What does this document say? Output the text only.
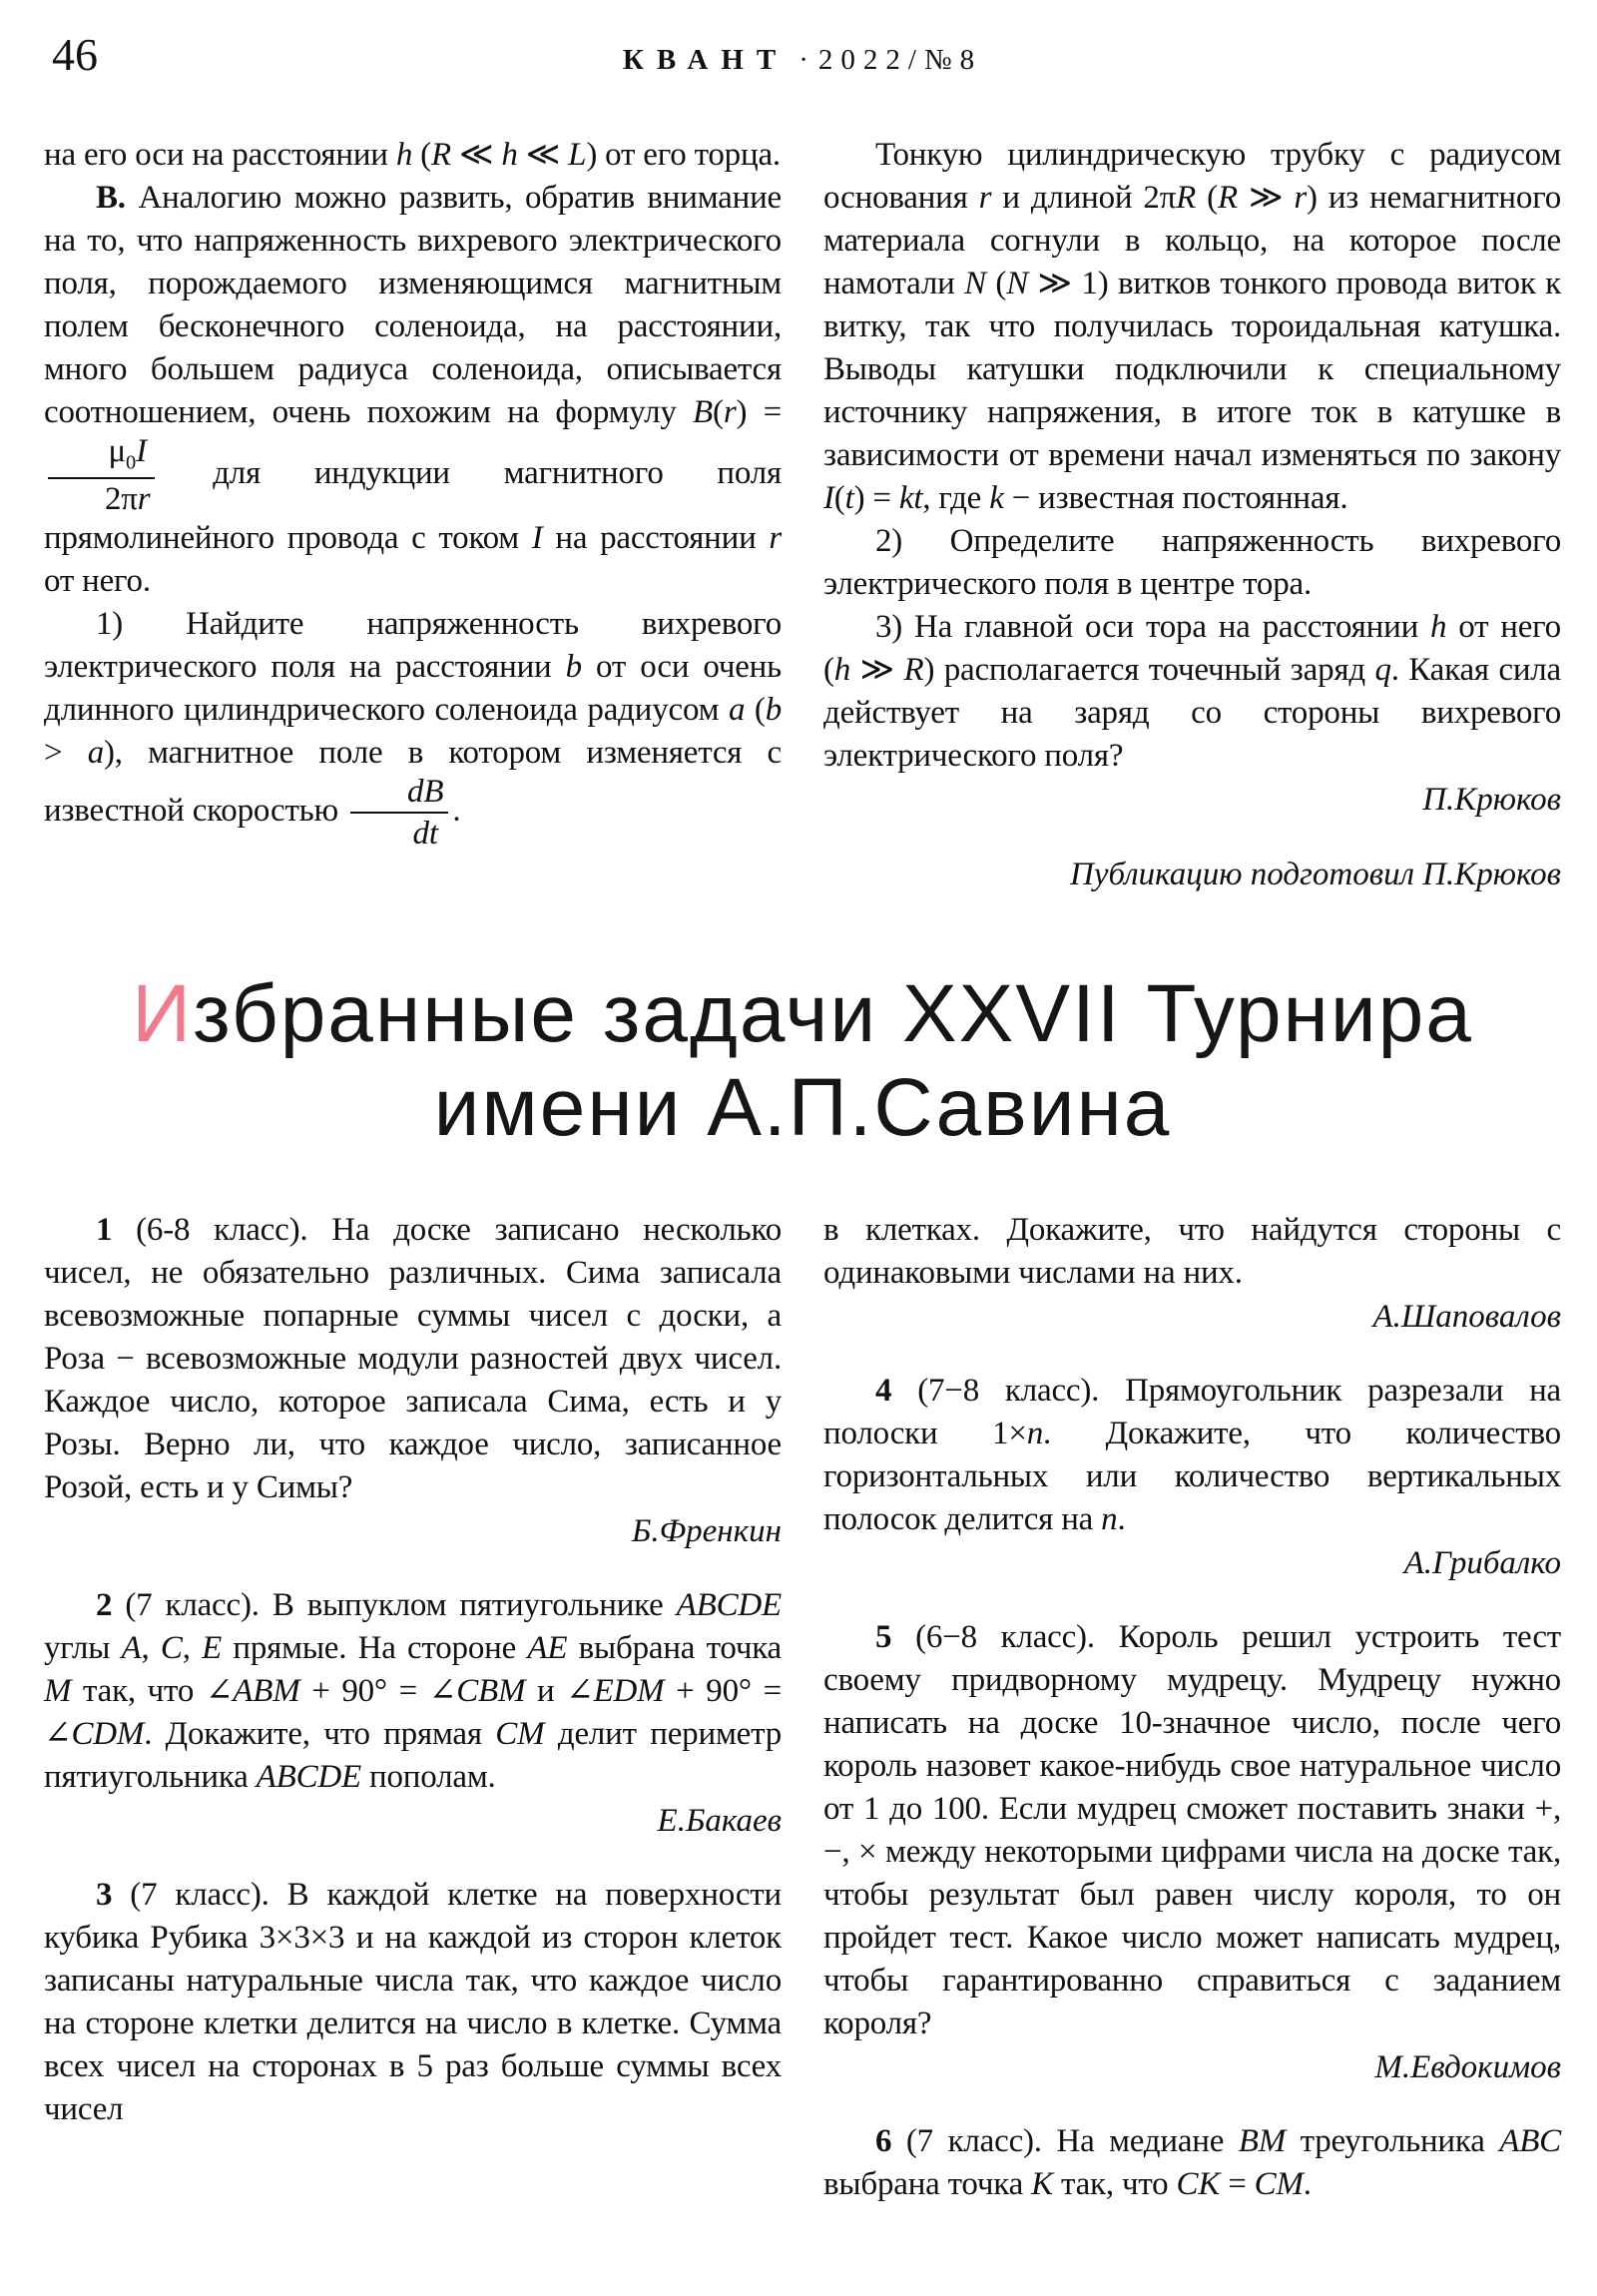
46	КВАНТ · 2022/№8

на его оси на расстоянии h (R ≪ h ≪ L) от его торца.

В. Аналогию можно развить, обратив внимание на то, что напряженность вихревого электрического поля, порождаемого изменяющимся магнитным полем бесконечного соленоида, на расстоянии, много большем радиуса соленоида, описывается соотношением, очень похожим на формулу B(r) =
$\frac{\mu_0I}{2\pi r}$ для индукции магнитного поля прямолинейного провода с током I на расстоянии r от него.

1) Найдите напряженность вихревого электрического поля на расстоянии b от оси очень длинного цилиндрического соленоида радиусом a (b > a), магнитное поле в котором изменяется с известной скоростью $\frac{dB}{dt}$ .

Тонкую цилиндрическую трубку с радиусом основания r и длиной 2πR (R ≫ r) из немагнитного материала согнули в кольцо, на которое после намотали N (N ≫ 1) витков тонкого провода виток к витку, так что получилась тороидальная катушка. Выводы катушки подключили к специальному источнику напряжения, в итоге ток в катушке в зависимости от времени начал изменяться по закону I(t) = kt, где k − известная постоянная.

2) Определите напряженность вихревого электрического поля в центре тора.

3) На главной оси тора на расстоянии h от него (h ≫ R) располагается точечный заряд q. Какая сила действует на заряд со стороны вихревого электрического поля?

П.Крюков

Публикацию подготовил П.Крюков

Избранные задачи XXVII Турнира
имени А.П.Савина

1 (6-8 класс). На доске записано несколько чисел, не обязательно различных. Сима записала всевозможные попарные суммы чисел с доски, а Роза − всевозможные модули разностей двух чисел. Каждое число, которое записала Сима, есть и у Розы. Верно ли, что каждое число, записанное Розой, есть и у Симы?

Б.Френкин

2 (7 класс). В выпуклом пятиугольнике ABCDE углы A, C, E прямые. На стороне AE выбрана точка M так, что ∠ABM + 90° = ∠CBM и ∠EDM + 90° = ∠CDM. Докажите, что прямая CM делит периметр пятиугольника ABCDE пополам.

Е.Бакаев

3 (7 класс). В каждой клетке на поверхности кубика Рубика 3×3×3 и на каждой из сторон клеток записаны натуральные числа так, что каждое число на стороне клетки делится на число в клетке. Сумма всех чисел на сторонах в 5 раз больше суммы всех чисел

в клетках. Докажите, что найдутся стороны с одинаковыми числами на них.

А.Шаповалов

4 (7−8 класс). Прямоугольник разрезали на полоски 1×n. Докажите, что количество горизонтальных или количество вертикальных полосок делится на n.

А.Грибалко

5 (6−8 класс). Король решил устроить тест своему придворному мудрецу. Мудрецу нужно написать на доске 10-значное число, после чего король назовет какое-нибудь свое натуральное число от 1 до 100. Если мудрец сможет поставить знаки +, −, × между некоторыми цифрами числа на доске так, чтобы результат был равен числу короля, то он пройдет тест. Какое число может написать мудрец, чтобы гарантированно справиться с заданием короля?

М.Евдокимов

6 (7 класс). На медиане BM треугольника ABC выбрана точка K так, что CK = CM.
